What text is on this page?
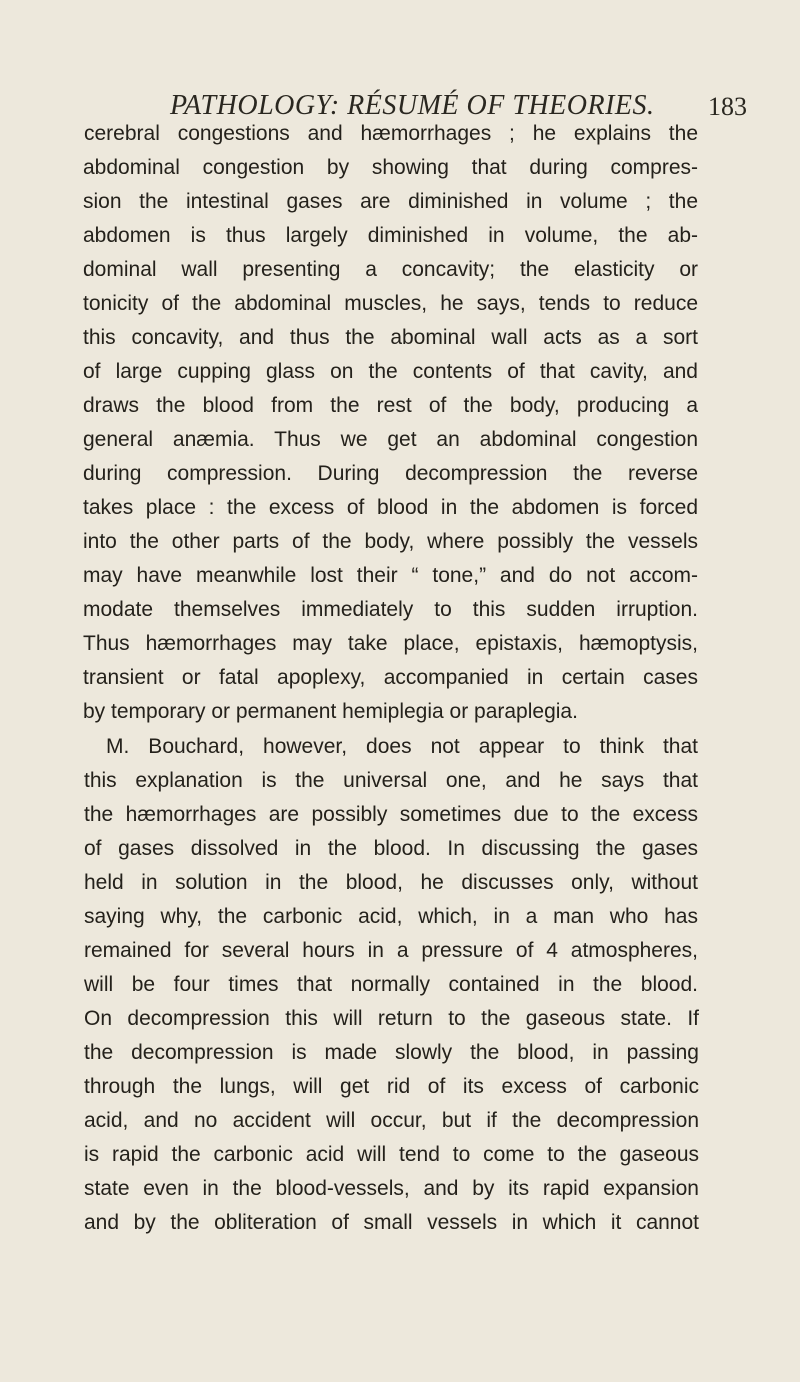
PATHOLOGY: RÉSUMÉ OF THEORIES. 183
cerebral congestions and hæmorrhages ; he explains the
abdominal congestion by showing that during compres-
sion the intestinal gases are diminished in volume ; the
abdomen is thus largely diminished in volume, the ab-
dominal wall presenting a concavity; the elasticity or
tonicity of the abdominal muscles, he says, tends to reduce
this concavity, and thus the abominal wall acts as a sort
of large cupping glass on the contents of that cavity, and
draws the blood from the rest of the body, producing a
general anæmia. Thus we get an abdominal congestion
during compression. During decompression the reverse
takes place : the excess of blood in the abdomen is forced
into the other parts of the body, where possibly the vessels
may have meanwhile lost their “ tone,” and do not accom-
modate themselves immediately to this sudden irruption.
Thus hæmorrhages may take place, epistaxis, hæmoptysis,
transient or fatal apoplexy, accompanied in certain cases
by temporary or permanent hemiplegia or paraplegia.
M. Bouchard, however, does not appear to think that
this explanation is the universal one, and he says that
the hæmorrhages are possibly sometimes due to the excess
of gases dissolved in the blood. In discussing the gases
held in solution in the blood, he discusses only, without
saying why, the carbonic acid, which, in a man who has
remained for several hours in a pressure of 4 atmospheres,
will be four times that normally contained in the blood.
On decompression this will return to the gaseous state. If
the decompression is made slowly the blood, in passing
through the lungs, will get rid of its excess of carbonic
acid, and no accident will occur, but if the decompression
is rapid the carbonic acid will tend to come to the gaseous
state even in the blood-vessels, and by its rapid expansion
and by the obliteration of small vessels in which it cannot
